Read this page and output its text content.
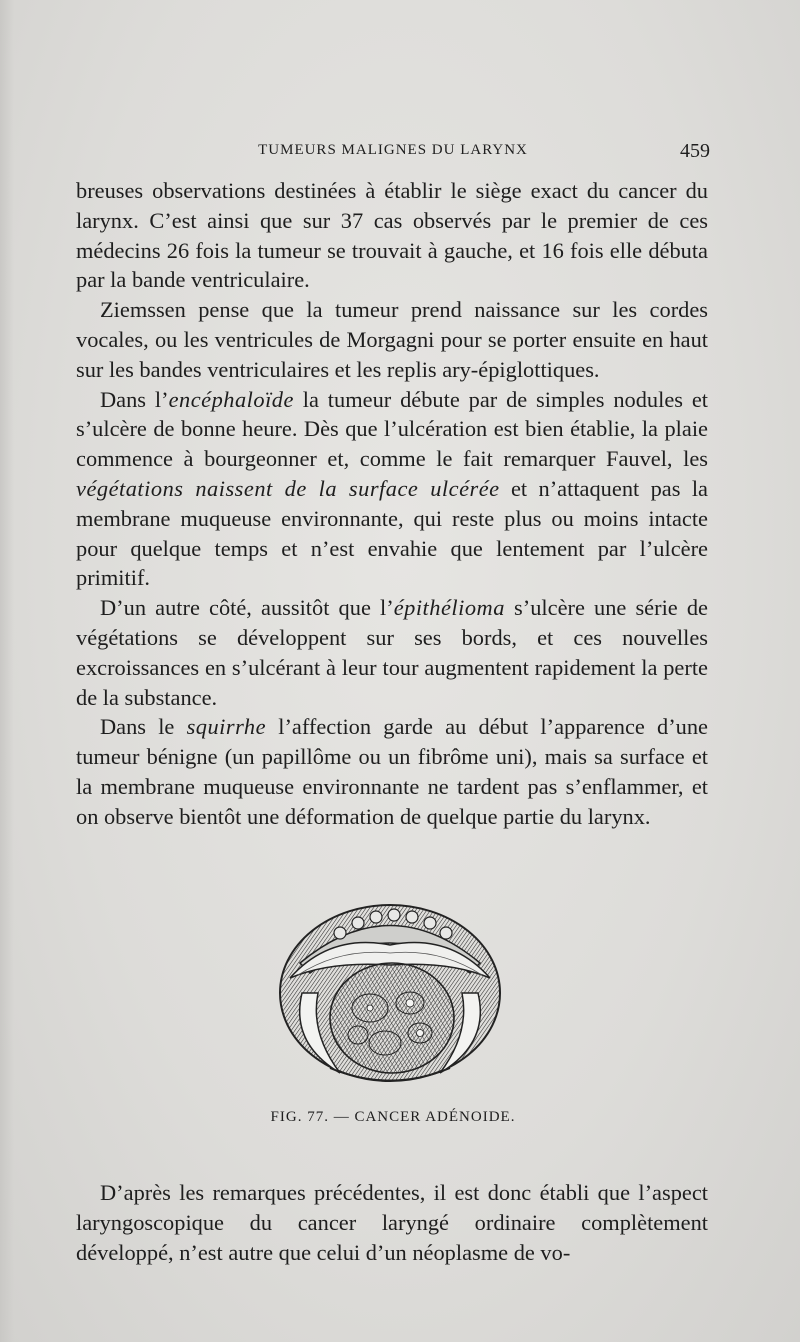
TUMEURS MALIGNES DU LARYNX	459

breuses observations destinées à établir le siège exact du cancer du larynx. C’est ainsi que sur 37 cas observés par le premier de ces médecins 26 fois la tumeur se trouvait à gauche, et 16 fois elle débuta par la bande ventriculaire.

Ziemssen pense que la tumeur prend naissance sur les cordes vocales, ou les ventricules de Morgagni pour se porter ensuite en haut sur les bandes ventriculaires et les replis ary-épiglottiques.

Dans l’encéphaloïde la tumeur débute par de simples nodules et s’ulcère de bonne heure. Dès que l’ulcération est bien établie, la plaie commence à bourgeonner et, comme le fait remarquer Fauvel, les végétations naissent de la surface ulcérée et n’attaquent pas la membrane muqueuse environnante, qui reste plus ou moins intacte pour quelque temps et n’est envahie que lentement par l’ulcère primitif.

D’un autre côté, aussitôt que l’épithélioma s’ulcère une série de végétations se développent sur ses bords, et ces nouvelles excroissances en s’ulcérant à leur tour augmentent rapidement la perte de la substance.

Dans le squirrhe l’affection garde au début l’apparence d’une tumeur bénigne (un papillôme ou un fibrôme uni), mais sa surface et la membrane muqueuse environnante ne tardent pas s’enflammer, et on observe bientôt une déformation de quelque partie du larynx.

FIG. 77. — CANCER ADÉNOIDE.

D’après les remarques précédentes, il est donc établi que l’aspect laryngoscopique du cancer laryngé ordinaire complètement développé, n’est autre que celui d’un néoplasme de vo-
